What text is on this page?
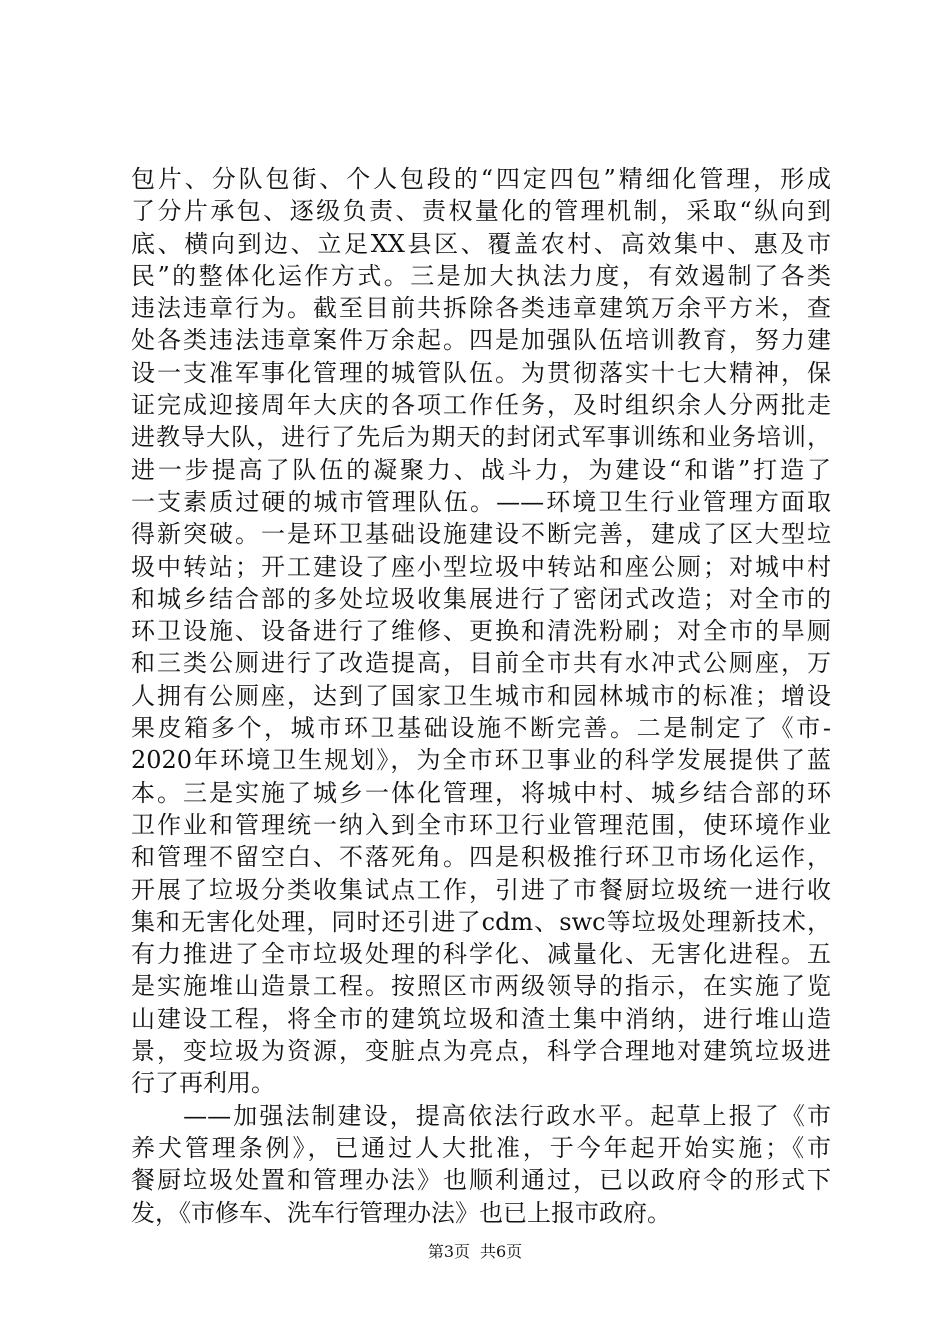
包片、分队包街、个人包段的“四定四包”精细化管理，形成
了分片承包、逐级负责、责权量化的管理机制，采取“纵向到
底、横向到边、立足XX县区、覆盖农村、高效集中、惠及市
民”的整体化运作方式。三是加大执法力度，有效遏制了各类
违法违章行为。截至目前共拆除各类违章建筑万余平方米，查
处各类违法违章案件万余起。四是加强队伍培训教育，努力建
设一支准军事化管理的城管队伍。为贯彻落实十七大精神，保
证完成迎接周年大庆的各项工作任务，及时组织余人分两批走
进教导大队，进行了先后为期天的封闭式军事训练和业务培训，
进一步提高了队伍的凝聚力、战斗力，为建设“和谐”打造了
一支素质过硬的城市管理队伍。——环境卫生行业管理方面取
得新突破。一是环卫基础设施建设不断完善，建成了区大型垃
圾中转站；开工建设了座小型垃圾中转站和座公厕；对城中村
和城乡结合部的多处垃圾收集展进行了密闭式改造；对全市的
环卫设施、设备进行了维修、更换和清洗粉刷；对全市的旱厕
和三类公厕进行了改造提高，目前全市共有水冲式公厕座，万
人拥有公厕座，达到了国家卫生城市和园林城市的标准；增设
果皮箱多个，城市环卫基础设施不断完善。二是制定了《市-
2020年环境卫生规划》，为全市环卫事业的科学发展提供了蓝
本。三是实施了城乡一体化管理，将城中村、城乡结合部的环
卫作业和管理统一纳入到全市环卫行业管理范围，使环境作业
和管理不留空白、不落死角。四是积极推行环卫市场化运作，
开展了垃圾分类收集试点工作，引进了市餐厨垃圾统一进行收
集和无害化处理，同时还引进了cdm、swc等垃圾处理新技术，
有力推进了全市垃圾处理的科学化、减量化、无害化进程。五
是实施堆山造景工程。按照区市两级领导的指示，在实施了览
山建设工程，将全市的建筑垃圾和渣土集中消纳，进行堆山造
景，变垃圾为资源，变脏点为亮点，科学合理地对建筑垃圾进
行了再利用。
　　——加强法制建设，提高依法行政水平。起草上报了《市
养犬管理条例》，已通过人大批准，于今年起开始实施；《市
餐厨垃圾处置和管理办法》也顺利通过，已以政府令的形式下
发，《市修车、洗车行管理办法》也已上报市政府。
第3页 共6页
